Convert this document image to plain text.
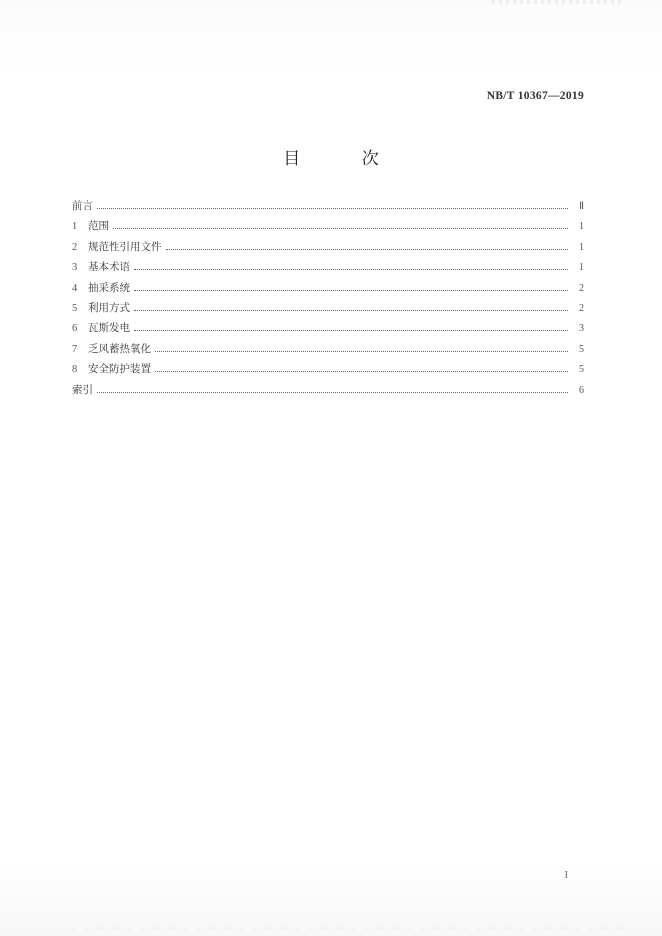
NB/T 10367—2019
目 次
前言	Ⅱ
1	范围	1
2	规范性引用文件	1
3	基本术语	1
4	抽采系统	2
5	利用方式	2
6	瓦斯发电	3
7	乏风蓄热氧化	5
8	安全防护装置	5
索引	6
I
